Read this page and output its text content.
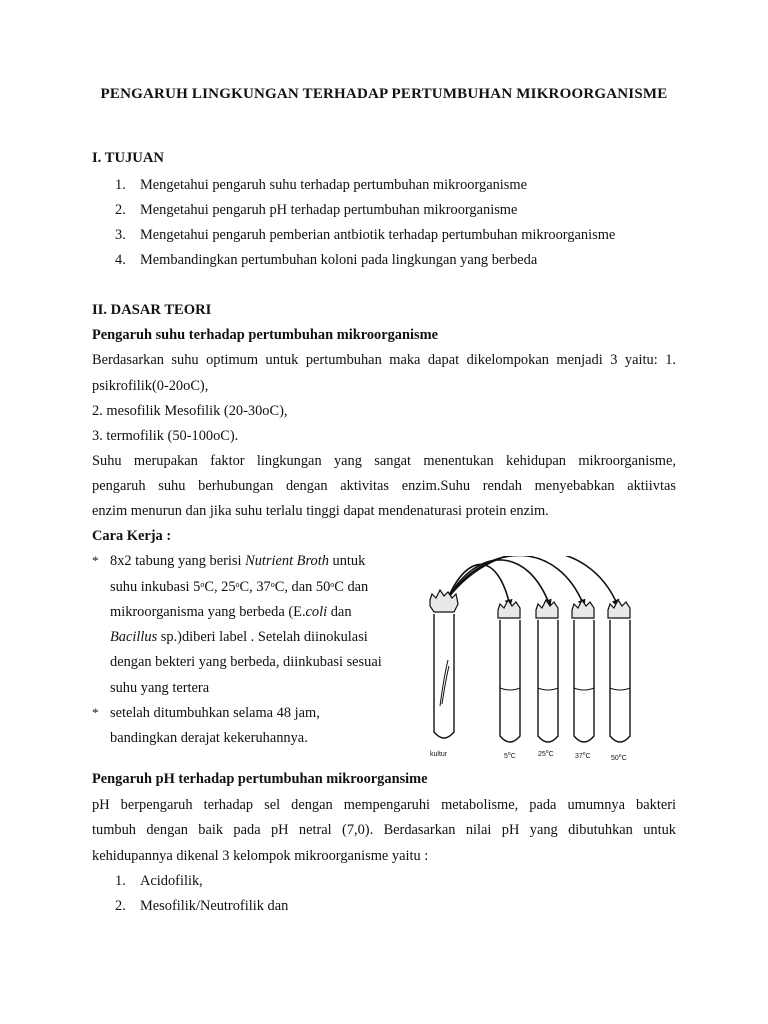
PENGARUH LINGKUNGAN TERHADAP PERTUMBUHAN MIKROORGANISME
I. TUJUAN
1. Mengetahui pengaruh suhu terhadap pertumbuhan mikroorganisme
2. Mengetahui pengaruh pH terhadap pertumbuhan mikroorganisme
3. Mengetahui pengaruh pemberian antbiotik terhadap pertumbuhan mikroorganisme
4. Membandingkan pertumbuhan koloni pada lingkungan yang berbeda
II. DASAR TEORI
Pengaruh suhu terhadap pertumbuhan mikroorganisme
Berdasarkan suhu optimum untuk pertumbuhan maka dapat dikelompokan menjadi 3 yaitu: 1.
psikrofilik(0-20oC),
2. mesofilik Mesofilik (20-30oC),
3. termofilik (50-100oC).
Suhu merupakan faktor lingkungan yang sangat menentukan kehidupan mikroorganisme,
pengaruh suhu berhubungan dengan aktivitas enzim.Suhu rendah menyebabkan aktiivtas
enzim menurun dan jika suhu terlalu tinggi dapat mendenaturasi protein enzim.
Cara Kerja :
* 8x2 tabung yang berisi Nutrient Broth untuk
suhu inkubasi 5$^o$C, 25$^o$C, 37$^o$C, dan 50$^o$C dan
mikroorganisma yang berbeda (E.coli dan
Bacillus sp.)diberi label . Setelah diinokulasi
dengan bekteri yang berbeda, diinkubasi sesuai
suhu yang tertera
* setelah ditumbuhkan selama 48 jam,
bandingkan derajat kekeruhannya.
kultur	5$^o$C	25$^o$C	37$^o$C	50$^o$C
Pengaruh pH terhadap pertumbuhan mikroorgansime
pH berpengaruh terhadap sel dengan mempengaruhi metabolisme, pada umumnya bakteri
tumbuh dengan baik pada pH netral (7,0). Berdasarkan nilai pH yang dibutuhkan untuk
kehidupannya dikenal 3 kelompok mikroorganisme yaitu :
1. Acidofilik,
2. Mesofilik/Neutrofilik dan
